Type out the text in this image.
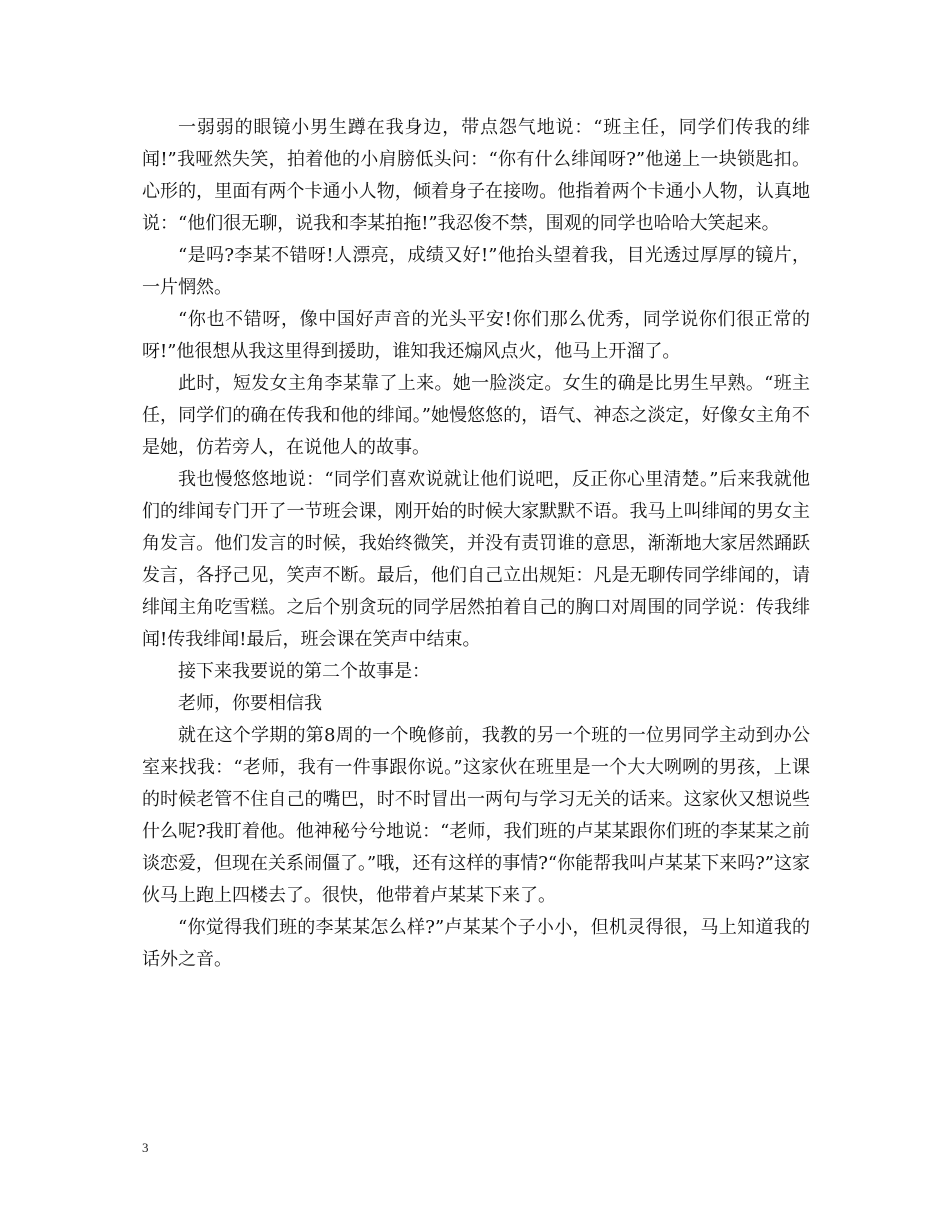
一弱弱的眼镜小男生蹲在我身边，带点怨气地说：“班主任，同学们传我的绯闻!”我哑然失笑，拍着他的小肩膀低头问：“你有什么绯闻呀?”他递上一块锁匙扣。心形的，里面有两个卡通小人物，倾着身子在接吻。他指着两个卡通小人物，认真地说：“他们很无聊，说我和李某拍拖!”我忍俊不禁，围观的同学也哈哈大笑起来。

“是吗?李某不错呀!人漂亮，成绩又好!”他抬头望着我，目光透过厚厚的镜片，一片惘然。

“你也不错呀，像中国好声音的光头平安!你们那么优秀，同学说你们很正常的呀!”他很想从我这里得到援助，谁知我还煽风点火，他马上开溜了。

此时，短发女主角李某靠了上来。她一脸淡定。女生的确是比男生早熟。“班主任，同学们的确在传我和他的绯闻。”她慢悠悠的，语气、神态之淡定，好像女主角不是她，仿若旁人，在说他人的故事。

我也慢悠悠地说：“同学们喜欢说就让他们说吧，反正你心里清楚。”后来我就他们的绯闻专门开了一节班会课，刚开始的时候大家默默不语。我马上叫绯闻的男女主角发言。他们发言的时候，我始终微笑，并没有责罚谁的意思，渐渐地大家居然踊跃发言，各抒己见，笑声不断。最后，他们自己立出规矩：凡是无聊传同学绯闻的，请绯闻主角吃雪糕。之后个别贪玩的同学居然拍着自己的胸口对周围的同学说：传我绯闻!传我绯闻!最后，班会课在笑声中结束。

接下来我要说的第二个故事是：

老师，你要相信我

就在这个学期的第8周的一个晚修前，我教的另一个班的一位男同学主动到办公室来找我：“老师，我有一件事跟你说。”这家伙在班里是一个大大咧咧的男孩，上课的时候老管不住自己的嘴巴，时不时冒出一两句与学习无关的话来。这家伙又想说些什么呢?我盯着他。他神秘兮兮地说：“老师，我们班的卢某某跟你们班的李某某之前谈恋爱，但现在关系闹僵了。”哦，还有这样的事情?“你能帮我叫卢某某下来吗?”这家伙马上跑上四楼去了。很快，他带着卢某某下来了。

“你觉得我们班的李某某怎么样?”卢某某个子小小，但机灵得很，马上知道我的话外之音。

3
